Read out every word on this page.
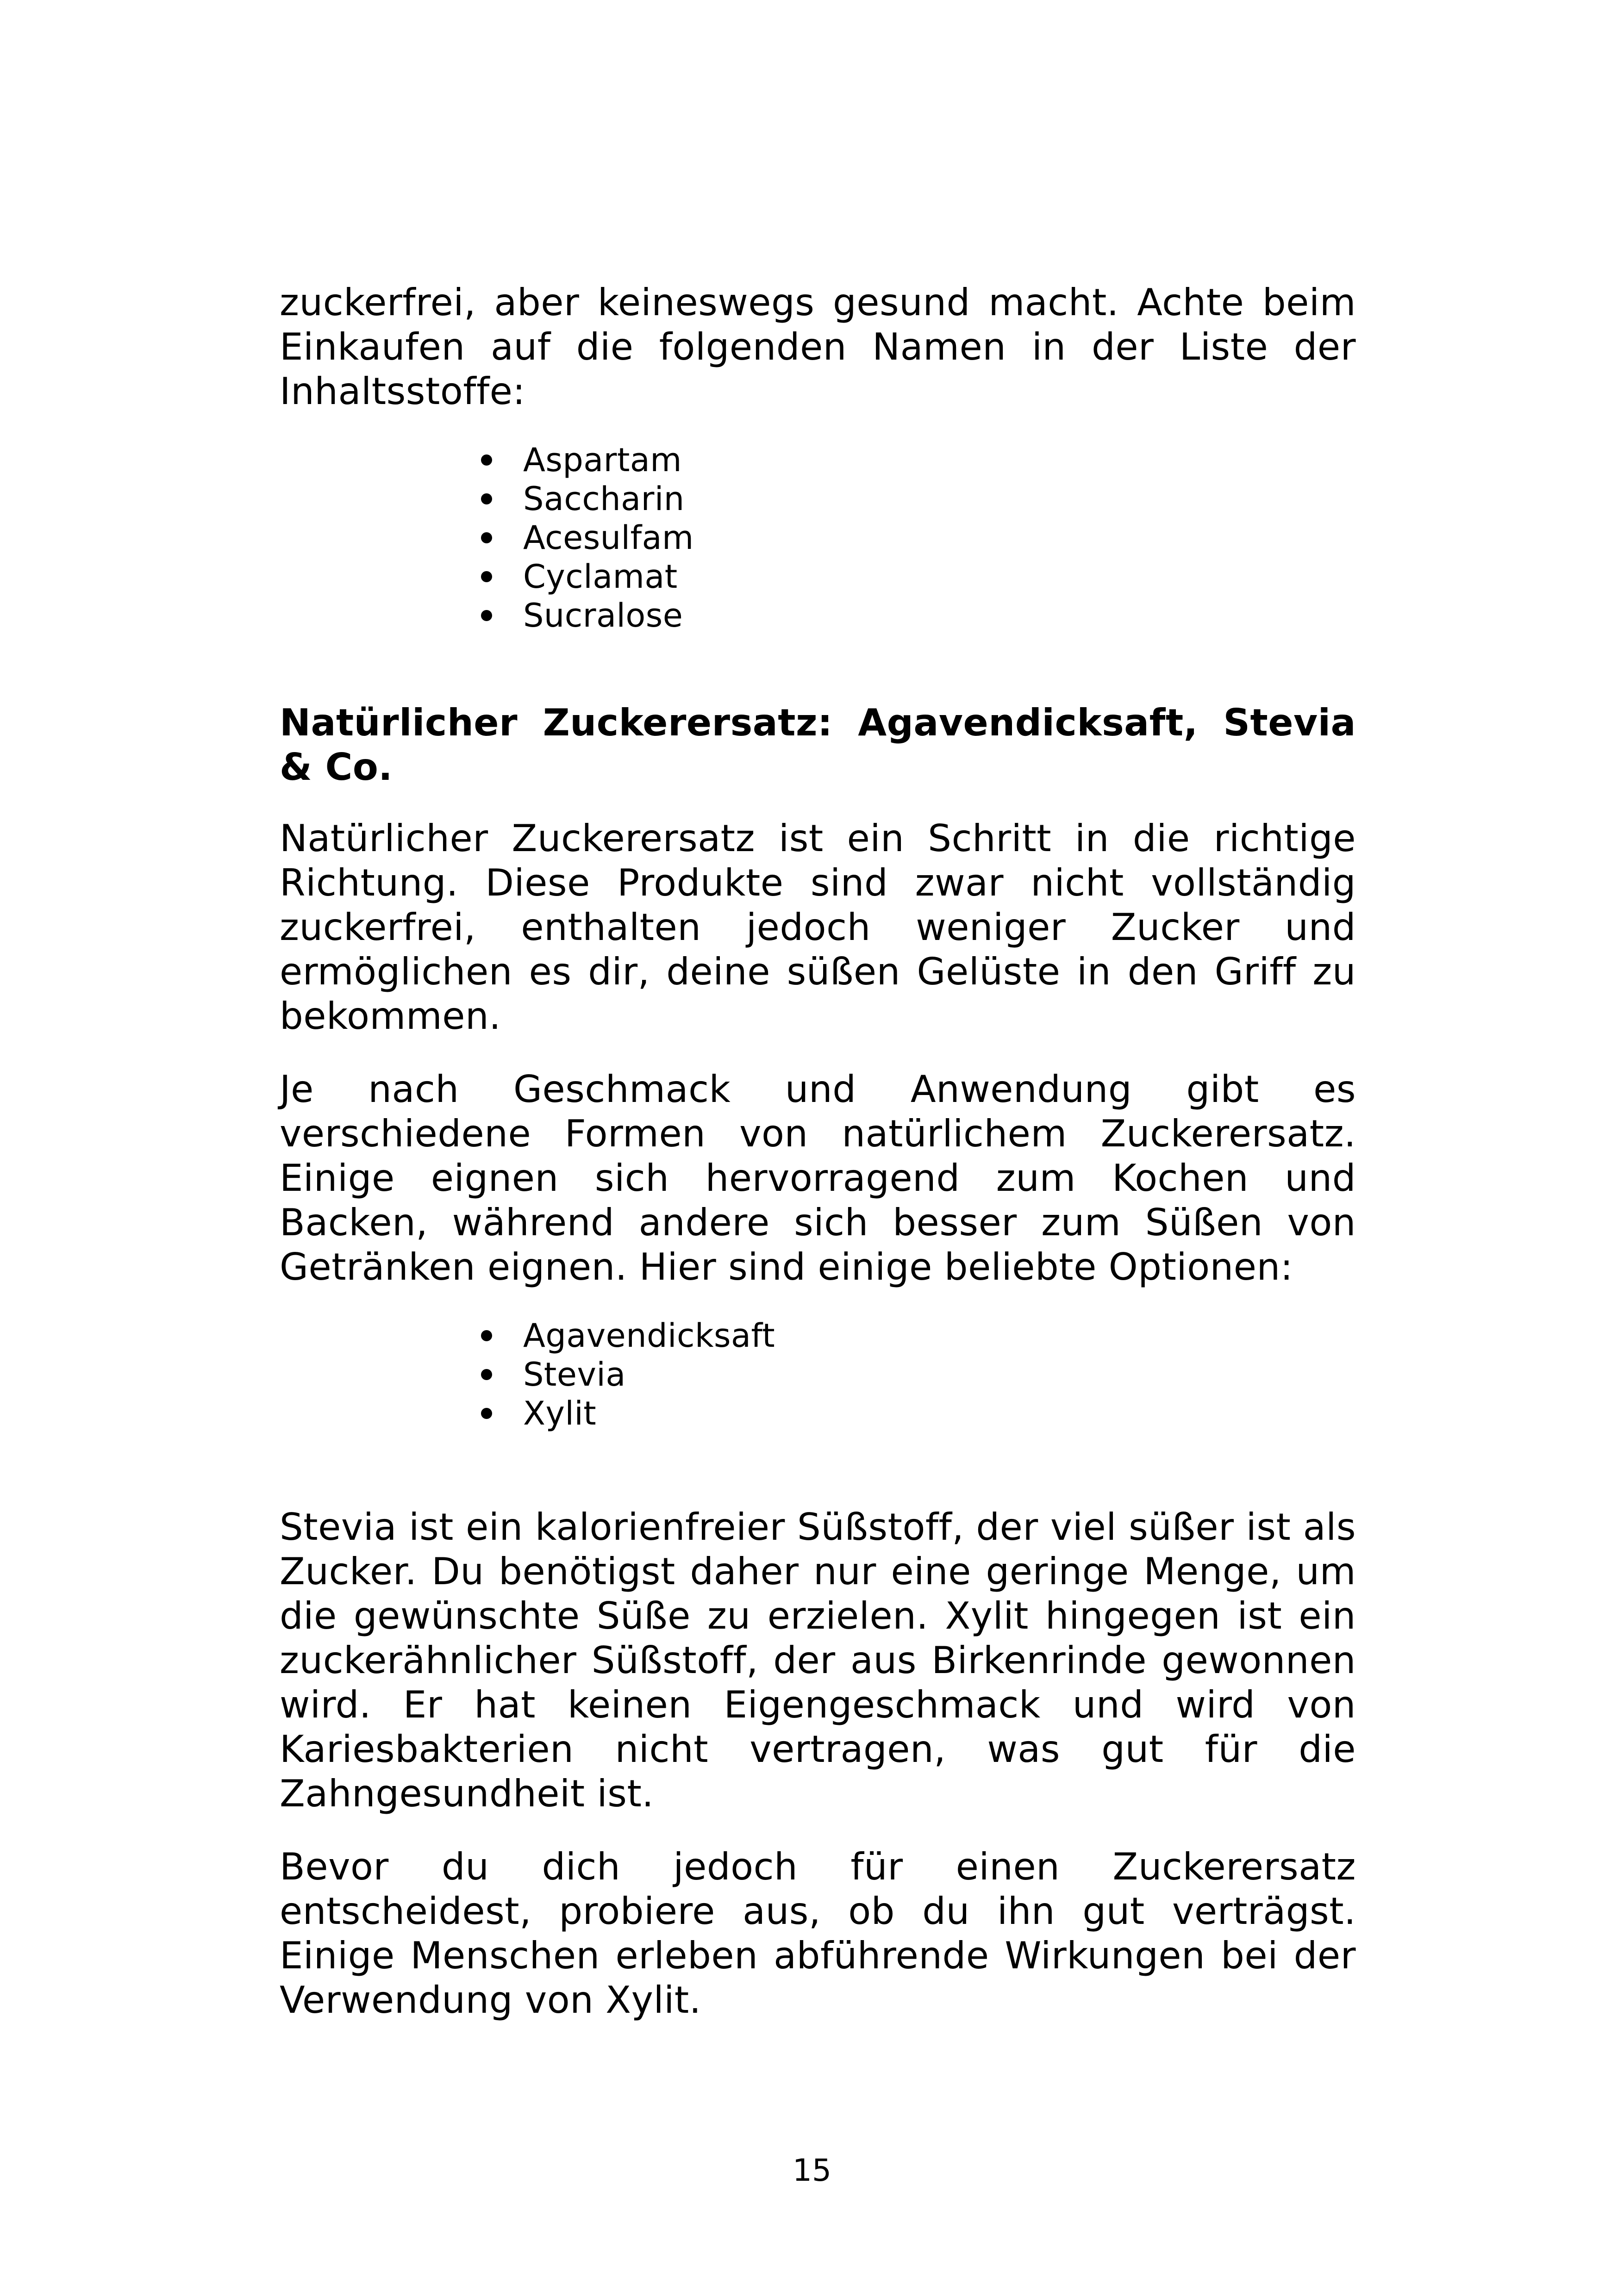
zuckerfrei, aber keineswegs gesund macht. Achte beim Einkaufen auf die folgenden Namen in der Liste der Inhaltsstoffe:

Aspartam
Saccharin
Acesulfam
Cyclamat
Sucralose
Natürlicher Zuckerersatz: Agavendicksaft, Stevia & Co.

Natürlicher Zuckerersatz ist ein Schritt in die richtige Richtung. Diese Produkte sind zwar nicht vollständig zuckerfrei, enthalten jedoch weniger Zucker und ermöglichen es dir, deine süßen Gelüste in den Griff zu bekommen.

Je nach Geschmack und Anwendung gibt es verschiedene Formen von natürlichem Zuckerersatz. Einige eignen sich hervorragend zum Kochen und Backen, während andere sich besser zum Süßen von Getränken eignen. Hier sind einige beliebte Optionen:

Agavendicksaft
Stevia
Xylit

Stevia ist ein kalorienfreier Süßstoff, der viel süßer ist als Zucker. Du benötigst daher nur eine geringe Menge, um die gewünschte Süße zu erzielen. Xylit hingegen ist ein zuckerähnlicher Süßstoff, der aus Birkenrinde gewonnen wird. Er hat keinen Eigengeschmack und wird von Kariesbakterien nicht vertragen, was gut für die Zahngesundheit ist.

Bevor du dich jedoch für einen Zuckerersatz entscheidest, probiere aus, ob du ihn gut verträgst. Einige Menschen erleben abführende Wirkungen bei der Verwendung von Xylit.

15
